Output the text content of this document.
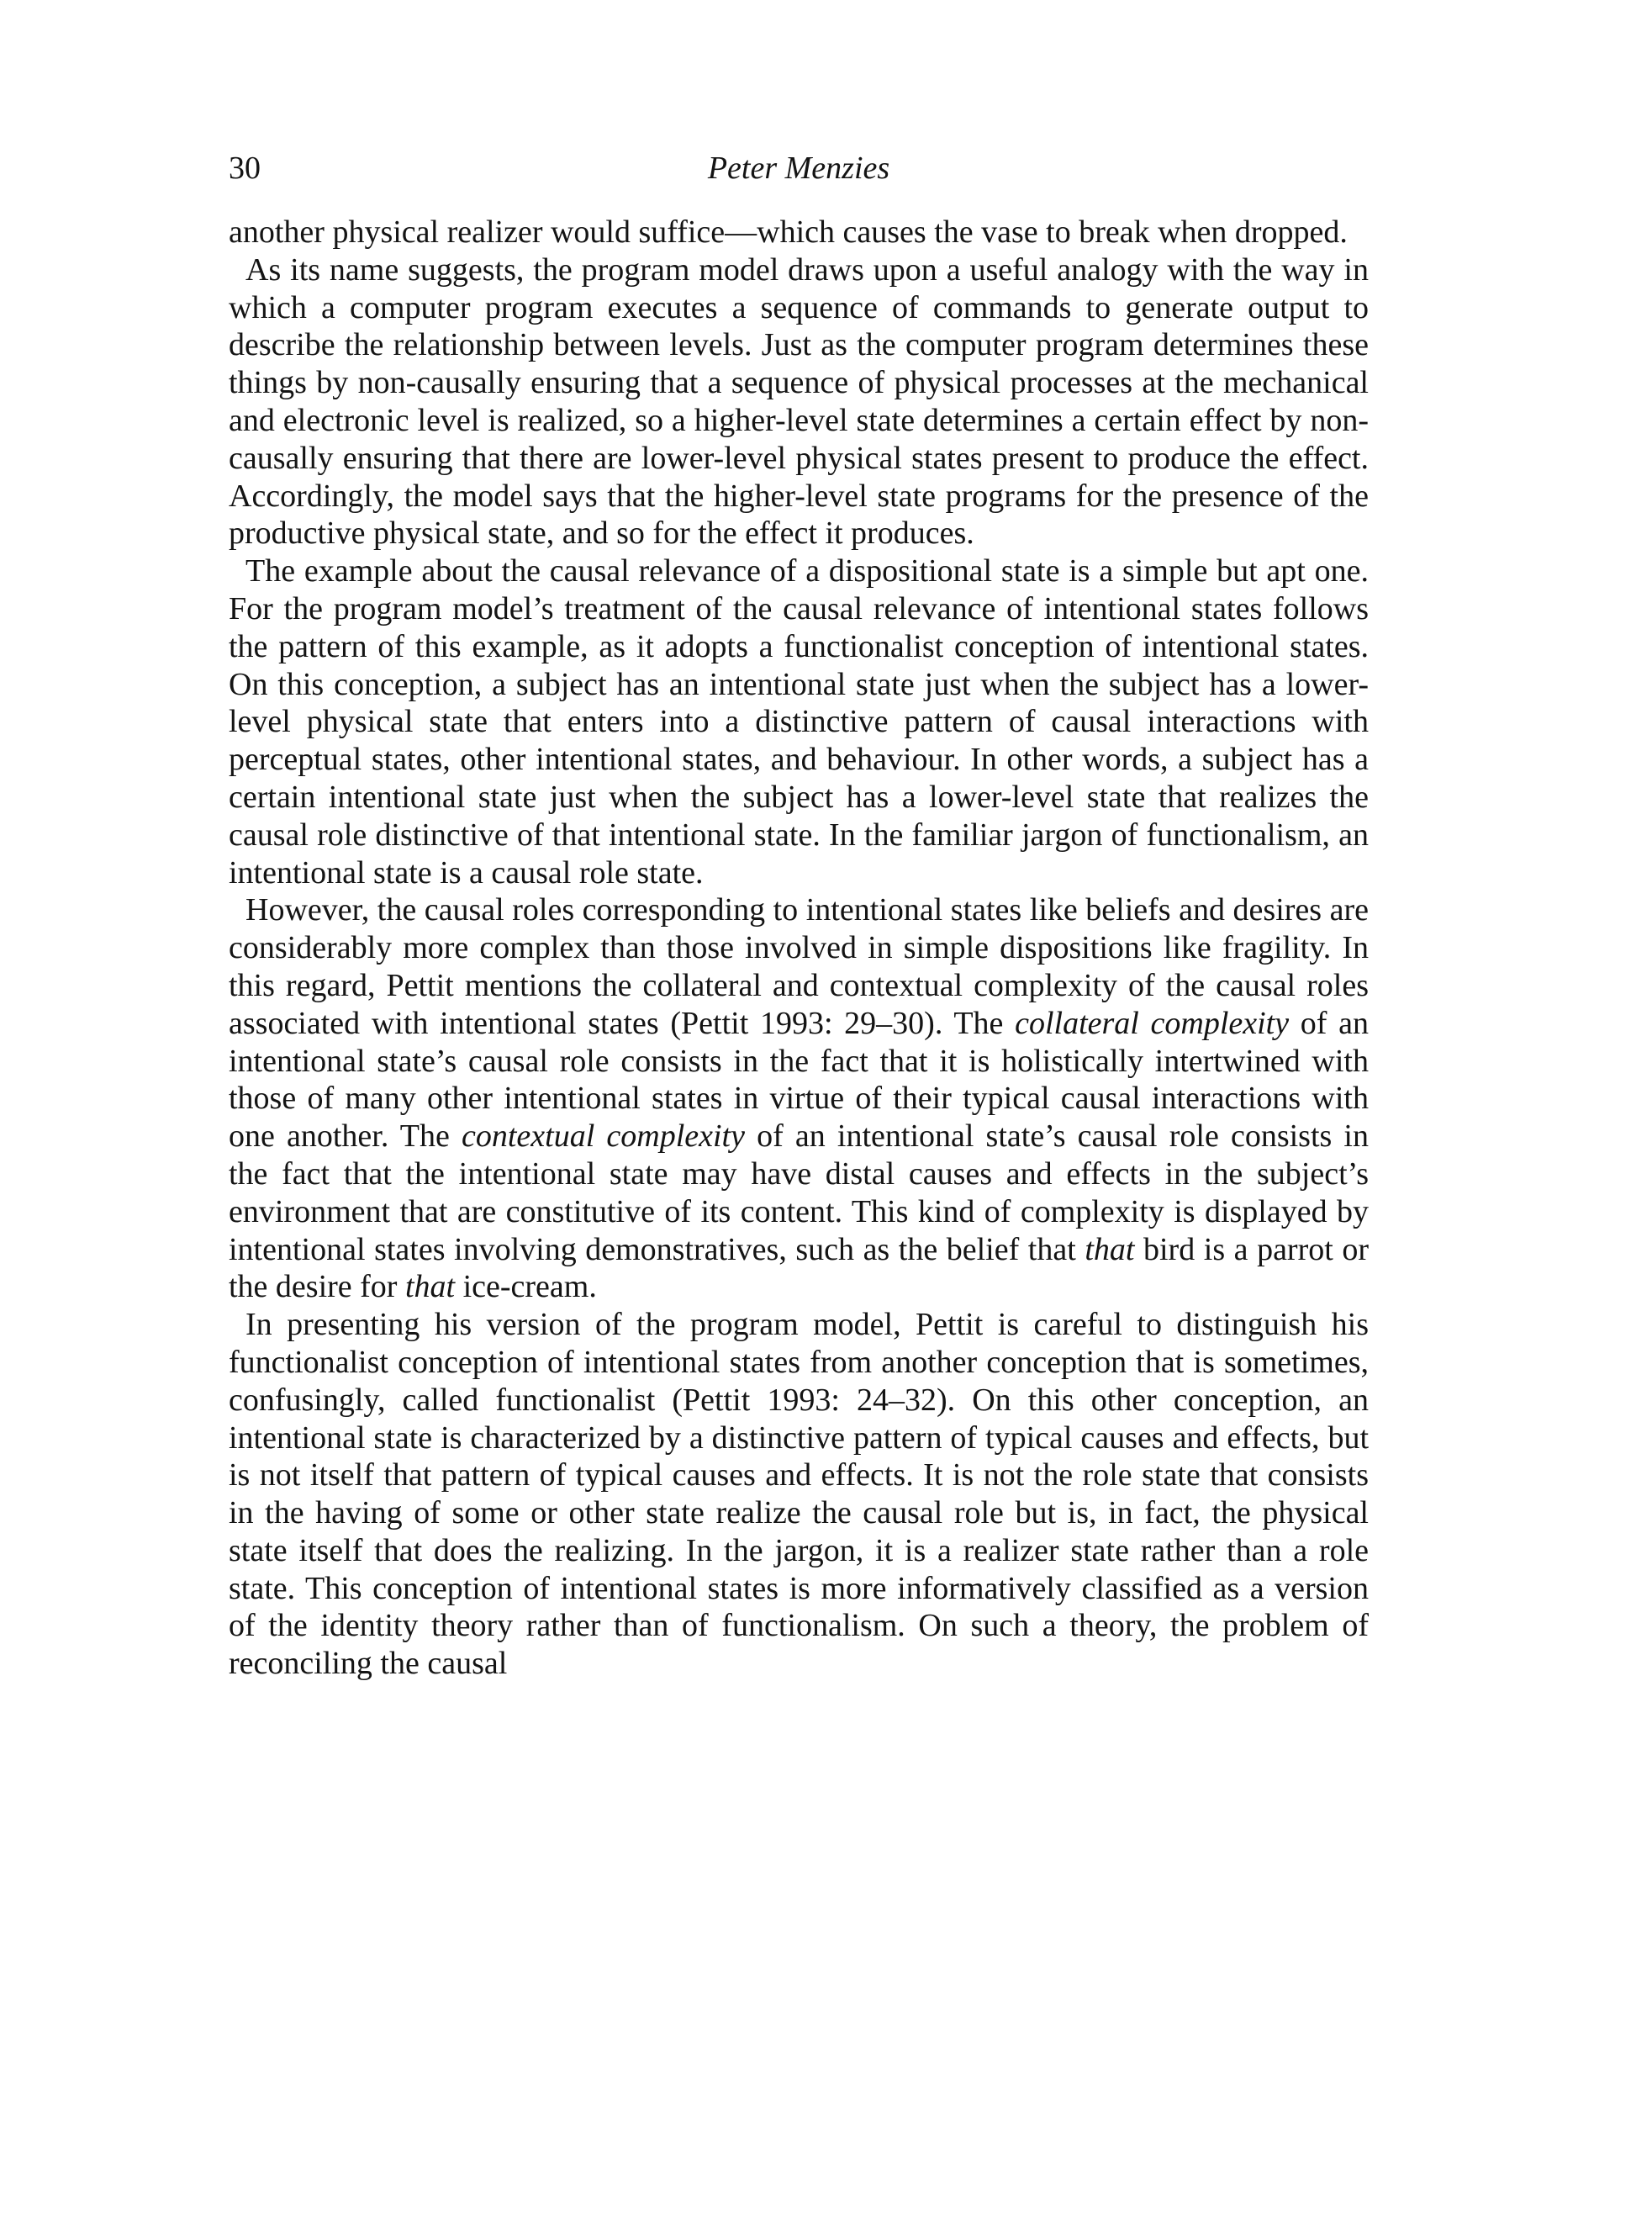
30	Peter Menzies

another physical realizer would suffice—which causes the vase to break when dropped.

As its name suggests, the program model draws upon a useful analogy with the way in which a computer program executes a sequence of commands to generate output to describe the relationship between levels. Just as the computer program determines these things by non-causally ensuring that a sequence of physical processes at the mechanical and electronic level is realized, so a higher-level state determines a certain effect by non-causally ensuring that there are lower-level physical states present to produce the effect. Accordingly, the model says that the higher-level state programs for the presence of the productive physical state, and so for the effect it produces.

The example about the causal relevance of a dispositional state is a simple but apt one. For the program model’s treatment of the causal relevance of intentional states follows the pattern of this example, as it adopts a functionalist conception of intentional states. On this conception, a subject has an intentional state just when the subject has a lower-level physical state that enters into a distinctive pattern of causal interactions with perceptual states, other intentional states, and behaviour. In other words, a subject has a certain intentional state just when the subject has a lower-level state that realizes the causal role distinctive of that intentional state. In the familiar jargon of functionalism, an intentional state is a causal role state.

However, the causal roles corresponding to intentional states like beliefs and desires are considerably more complex than those involved in simple dispositions like fragility. In this regard, Pettit mentions the collateral and contextual complexity of the causal roles associated with intentional states (Pettit 1993: 29–30). The collateral complexity of an intentional state’s causal role consists in the fact that it is holistically intertwined with those of many other intentional states in virtue of their typical causal interactions with one another. The contextual complexity of an intentional state’s causal role consists in the fact that the intentional state may have distal causes and effects in the subject’s environment that are constitutive of its content. This kind of complexity is displayed by intentional states involving demonstratives, such as the belief that that bird is a parrot or the desire for that ice-cream.

In presenting his version of the program model, Pettit is careful to distinguish his functionalist conception of intentional states from another conception that is sometimes, confusingly, called functionalist (Pettit 1993: 24–32). On this other conception, an intentional state is characterized by a distinctive pattern of typical causes and effects, but is not itself that pattern of typical causes and effects. It is not the role state that consists in the having of some or other state realize the causal role but is, in fact, the physical state itself that does the realizing. In the jargon, it is a realizer state rather than a role state. This conception of intentional states is more informatively classified as a version of the identity theory rather than of functionalism. On such a theory, the problem of reconciling the causal
